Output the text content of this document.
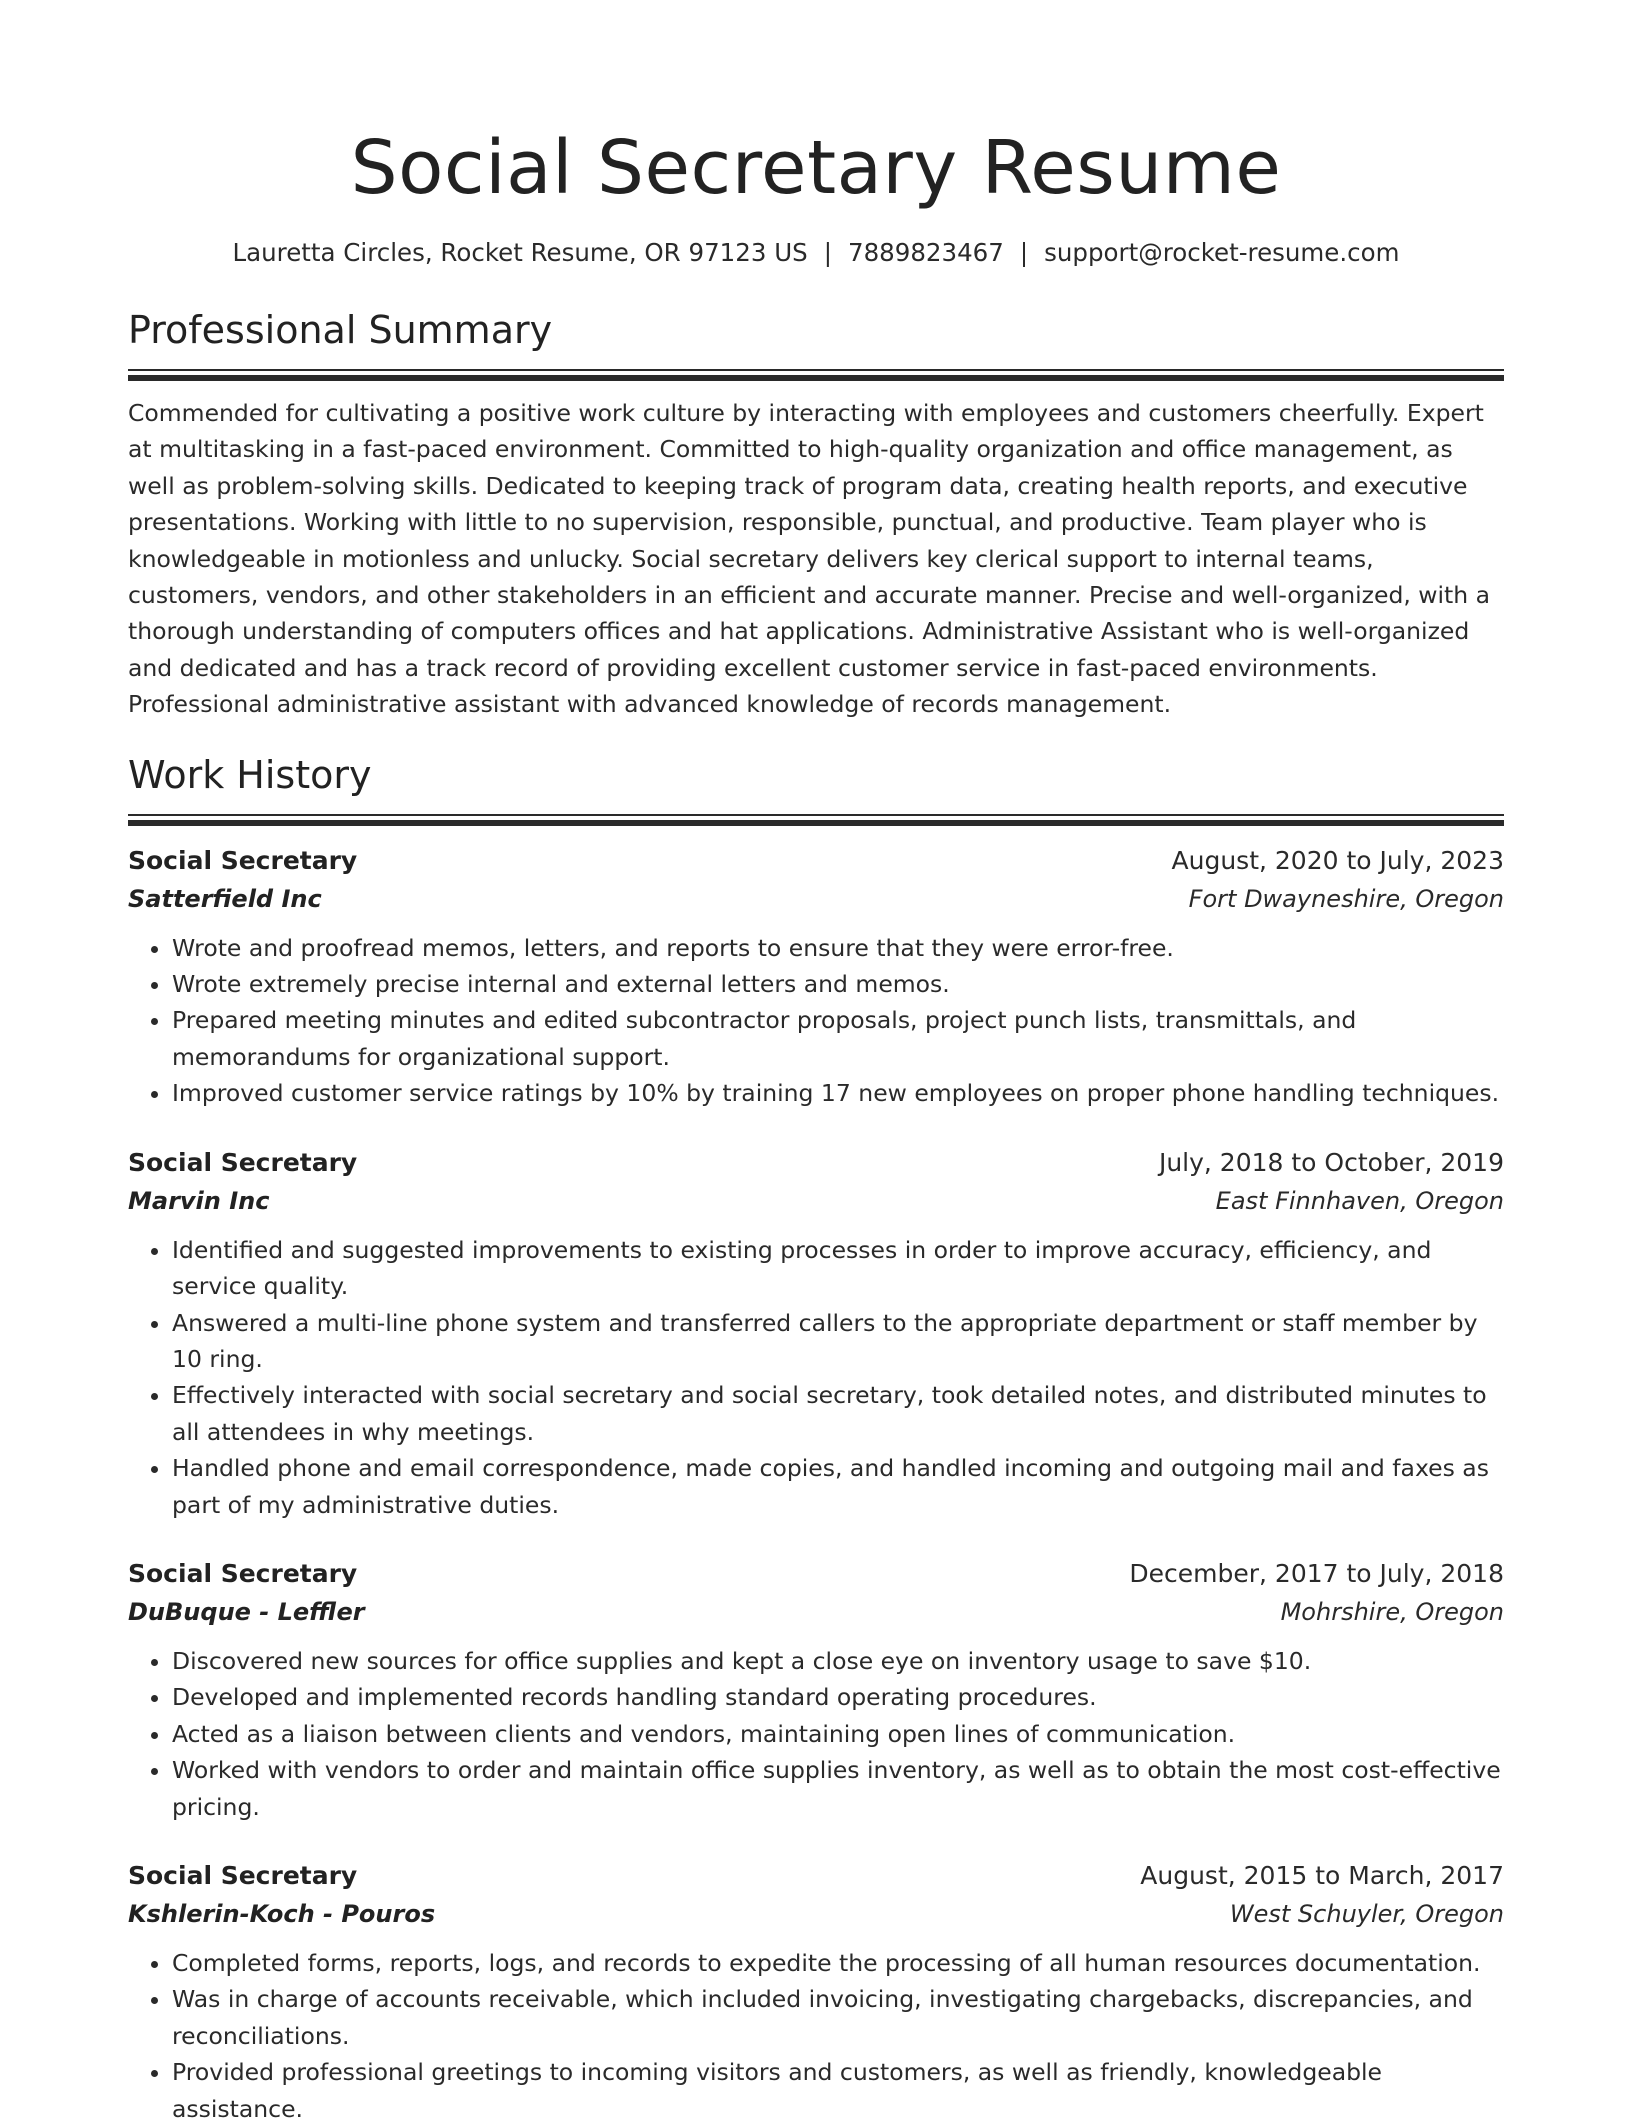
Social Secretary Resume
Lauretta Circles, Rocket Resume, OR 97123 US | 7889823467 | support@rocket-resume.com
Professional Summary

Commended for cultivating a positive work culture by interacting with employees and customers cheerfully. Expert at multitasking in a fast-paced environment. Committed to high-quality organization and office management, as well as problem-solving skills. Dedicated to keeping track of program data, creating health reports, and executive presentations. Working with little to no supervision, responsible, punctual, and productive. Team player who is knowledgeable in motionless and unlucky. Social secretary delivers key clerical support to internal teams, customers, vendors, and other stakeholders in an efficient and accurate manner. Precise and well-organized, with a thorough understanding of computers offices and hat applications. Administrative Assistant who is well-organized and dedicated and has a track record of providing excellent customer service in fast-paced environments. Professional administrative assistant with advanced knowledge of records management.

Work History
Social Secretary	August, 2020 to July, 2023
Satterfield Inc	Fort Dwayneshire, Oregon
• Wrote and proofread memos, letters, and reports to ensure that they were error-free.
• Wrote extremely precise internal and external letters and memos.
• Prepared meeting minutes and edited subcontractor proposals, project punch lists, transmittals, and memorandums for organizational support.
• Improved customer service ratings by 10% by training 17 new employees on proper phone handling techniques.
Social Secretary	July, 2018 to October, 2019
Marvin Inc	East Finnhaven, Oregon
• Identified and suggested improvements to existing processes in order to improve accuracy, efficiency, and service quality.
• Answered a multi-line phone system and transferred callers to the appropriate department or staff member by 10 ring.
• Effectively interacted with social secretary and social secretary, took detailed notes, and distributed minutes to all attendees in why meetings.
• Handled phone and email correspondence, made copies, and handled incoming and outgoing mail and faxes as part of my administrative duties.
Social Secretary	December, 2017 to July, 2018
DuBuque - Leffler	Mohrshire, Oregon
• Discovered new sources for office supplies and kept a close eye on inventory usage to save $10.
• Developed and implemented records handling standard operating procedures.
• Acted as a liaison between clients and vendors, maintaining open lines of communication.
• Worked with vendors to order and maintain office supplies inventory, as well as to obtain the most cost-effective pricing.
Social Secretary	August, 2015 to March, 2017
Kshlerin-Koch - Pouros	West Schuyler, Oregon
• Completed forms, reports, logs, and records to expedite the processing of all human resources documentation.
• Was in charge of accounts receivable, which included invoicing, investigating chargebacks, discrepancies, and reconciliations.
• Provided professional greetings to incoming visitors and customers, as well as friendly, knowledgeable assistance.
